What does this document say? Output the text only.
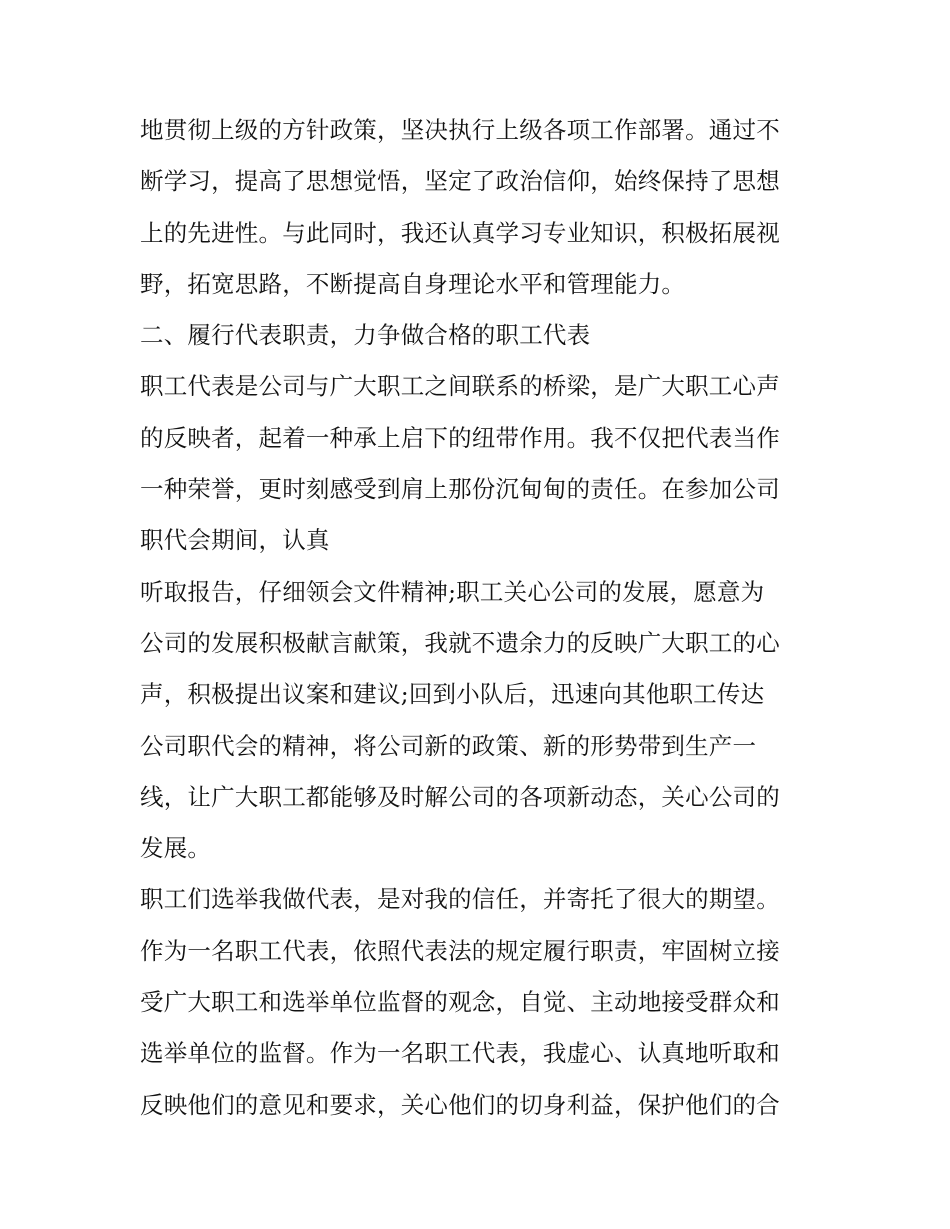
地贯彻上级的方针政策，坚决执行上级各项工作部署。通过不
断学习，提高了思想觉悟，坚定了政治信仰，始终保持了思想
上的先进性。与此同时，我还认真学习专业知识，积极拓展视
野，拓宽思路，不断提高自身理论水平和管理能力。
二、履行代表职责，力争做合格的职工代表
职工代表是公司与广大职工之间联系的桥梁，是广大职工心声
的反映者，起着一种承上启下的纽带作用。我不仅把代表当作
一种荣誉，更时刻感受到肩上那份沉甸甸的责任。在参加公司
职代会期间，认真
听取报告，仔细领会文件精神;职工关心公司的发展，愿意为
公司的发展积极献言献策，我就不遗余力的反映广大职工的心
声，积极提出议案和建议;回到小队后，迅速向其他职工传达
公司职代会的精神，将公司新的政策、新的形势带到生产一
线，让广大职工都能够及时解公司的各项新动态，关心公司的
发展。
职工们选举我做代表，是对我的信任，并寄托了很大的期望。
作为一名职工代表，依照代表法的规定履行职责，牢固树立接
受广大职工和选举单位监督的观念，自觉、主动地接受群众和
选举单位的监督。作为一名职工代表，我虚心、认真地听取和
反映他们的意见和要求，关心他们的切身利益，保护他们的合
